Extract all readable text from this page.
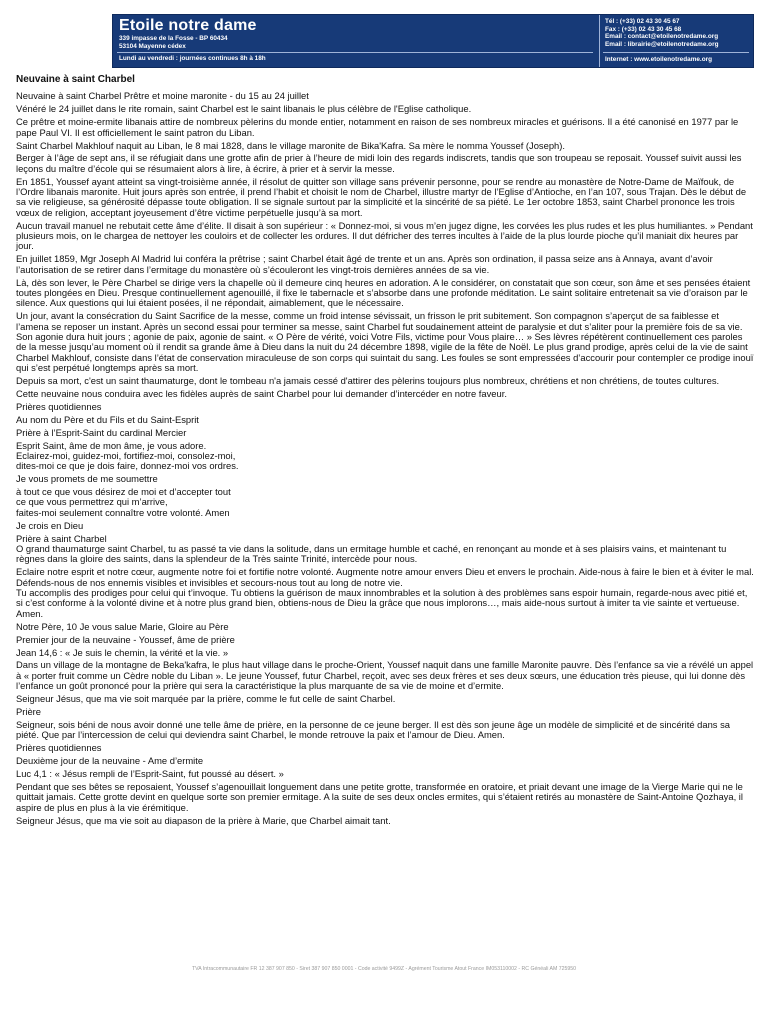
Etoile notre dame
339 impasse de la Fosse - BP 60434
53104 Mayenne cédex
Lundi au vendredi : journées continues 8h à 18h
Tél : (+33) 02 43 30 45 67
Fax : (+33) 02 43 30 45 68
Email : contact@etoilenotredame.org
Email : librairie@etoilenotredame.org
Internet : www.etoilenotredame.org
Neuvaine à saint Charbel

Neuvaine à saint Charbel Prêtre et moine maronite - du 15 au 24 juillet

Vénéré le 24 juillet dans le rite romain, saint Charbel est le saint libanais le plus célèbre de l'Eglise catholique.

Ce prêtre et moine-ermite libanais attire de nombreux pèlerins du monde entier, notamment en raison de ses nombreux miracles et guérisons. Il a été canonisé en 1977 par le pape Paul VI. Il est officiellement le saint patron du Liban.

Saint Charbel Makhlouf naquit au Liban, le 8 mai 1828, dans le village maronite de Bika'Kafra. Sa mère le nomma Youssef (Joseph).

Berger à l’âge de sept ans, il se réfugiait dans une grotte afin de prier à l’heure de midi loin des regards indiscrets, tandis que son troupeau se reposait. Youssef suivit aussi les leçons du maître d’école qui se résumaient alors à lire, à écrire, à prier et à servir la messe.

En 1851, Youssef ayant atteint sa vingt-troisième année, il résolut de quitter son village sans prévenir personne, pour se rendre au monastère de Notre-Dame de Maïfouk, de l’Ordre libanais maronite. Huit jours après son entrée, il prend l’habit et choisit le nom de Charbel, illustre martyr de l’Eglise d’Antioche, en l’an 107, sous Trajan. Dès le début de sa vie religieuse, sa générosité dépasse toute obligation. Il se signale surtout par la simplicité et la sincérité de sa piété. Le 1er octobre 1853, saint Charbel prononce les trois vœux de religion, acceptant joyeusement d’être victime perpétuelle jusqu’à sa mort.

Aucun travail manuel ne rebutait cette âme d’élite. Il disait à son supérieur : « Donnez-moi, si vous m’en jugez digne, les corvées les plus rudes et les plus humiliantes. » Pendant plusieurs mois, on le chargea de nettoyer les couloirs et de collecter les ordures. Il dut défricher des terres incultes à l’aide de la plus lourde pioche qu’il maniait dix heures par jour.

En juillet 1859, Mgr Joseph Al Madrid lui conféra la prêtrise ; saint Charbel était âgé de trente et un ans. Après son ordination, il passa seize ans à Annaya, avant d’avoir l’autorisation de se retirer dans l’ermitage du monastère où s’écouleront les vingt-trois dernières années de sa vie.

Là, dès son lever, le Père Charbel se dirige vers la chapelle où il demeure cinq heures en adoration. A le considérer, on constatait que son cœur, son âme et ses pensées étaient toutes plongées en Dieu. Presque continuellement agenouillé, il fixe le tabernacle et s’absorbe dans une profonde méditation. Le saint solitaire entretenait sa vie d’oraison par le silence. Aux questions qui lui étaient posées, il ne répondait, aimablement, que le nécessaire.

Un jour, avant la consécration du Saint Sacrifice de la messe, comme un froid intense sévissait, un frisson le prit subitement. Son compagnon s’aperçut de sa faiblesse et l’amena se reposer un instant. Après un second essai pour terminer sa messe, saint Charbel fut soudainement atteint de paralysie et dut s’aliter pour la première fois de sa vie. Son agonie dura huit jours ; agonie de paix, agonie de saint. « O Père de vérité, voici Votre Fils, victime pour Vous plaire… » Ses lèvres répétèrent continuellement ces paroles de la messe jusqu’au moment où il rendit sa grande âme à Dieu dans la nuit du 24 décembre 1898, vigile de la fête de Noël. Le plus grand prodige, après celui de la vie de saint Charbel Makhlouf, consiste dans l’état de conservation miraculeuse de son corps qui suintait du sang. Les foules se sont empressées d’accourir pour contempler ce prodige inouï qui s’est perpétué longtemps après sa mort.

Depuis sa mort, c'est un saint thaumaturge, dont le tombeau n'a jamais cessé d'attirer des pèlerins toujours plus nombreux, chrétiens et non chrétiens, de toutes cultures.

Cette neuvaine nous conduira avec les fidèles auprès de saint Charbel pour lui demander d’intercéder en notre faveur.

Prières quotidiennes

Au nom du Père et du Fils et du Saint-Esprit

Prière à l’Esprit-Saint du cardinal Mercier

Esprit Saint, âme de mon âme, je vous adore.
Eclairez-moi, guidez-moi, fortifiez-moi, consolez-moi,
dites-moi ce que je dois faire, donnez-moi vos ordres.

Je vous promets de me soumettre

à tout ce que vous désirez de moi et d’accepter tout
ce que vous permettrez qui m’arrive,
faites-moi seulement connaître votre volonté. Amen

Je crois en Dieu

Prière à saint Charbel
O grand thaumaturge saint Charbel, tu as passé ta vie dans la solitude, dans un ermitage humble et caché, en renonçant au monde et à ses plaisirs vains, et maintenant tu règnes dans la gloire des saints, dans la splendeur de la Très sainte Trinité, intercède pour nous.

Eclaire notre esprit et notre cœur, augmente notre foi et fortifie notre volonté. Augmente notre amour envers Dieu et envers le prochain. Aide-nous à faire le bien et à éviter le mal. Défends-nous de nos ennemis visibles et invisibles et secours-nous tout au long de notre vie.
Tu accomplis des prodiges pour celui qui t’invoque. Tu obtiens la guérison de maux innombrables et la solution à des problèmes sans espoir humain, regarde-nous avec pitié et, si c’est conforme à la volonté divine et à notre plus grand bien, obtiens-nous de Dieu la grâce que nous implorons…, mais aide-nous surtout à imiter ta vie sainte et vertueuse. Amen.

Notre Père, 10 Je vous salue Marie, Gloire au Père

Premier jour de la neuvaine - Youssef, âme de prière

Jean 14,6 : « Je suis le chemin, la vérité et la vie. »

Dans un village de la montagne de Beka'kafra, le plus haut village dans le proche-Orient, Youssef naquit dans une famille Maronite pauvre. Dès l’enfance sa vie a révélé un appel à « porter fruit comme un Cèdre noble du Liban ». Le jeune Youssef, futur Charbel, reçoit, avec ses deux frères et ses deux sœurs, une éducation très pieuse, qui lui donne dès l’enfance un goût prononcé pour la prière qui sera la caractéristique la plus marquante de sa vie de moine et d’ermite.

Seigneur Jésus, que ma vie soit marquée par la prière, comme le fut celle de saint Charbel.

Prière

Seigneur, sois béni de nous avoir donné une telle âme de prière, en la personne de ce jeune berger. Il est dès son jeune âge un modèle de simplicité et de sincérité dans sa piété. Que par l’intercession de celui qui deviendra saint Charbel, le monde retrouve la paix et l’amour de Dieu. Amen.

Prières quotidiennes

Deuxième jour de la neuvaine - Ame d’ermite

Luc 4,1 : « Jésus rempli de l’Esprit-Saint, fut poussé au désert. »

Pendant que ses bêtes se reposaient, Youssef s’agenouillait longuement dans une petite grotte, transformée en oratoire, et priait devant une image de la Vierge Marie qui ne le quittait jamais. Cette grotte devint en quelque sorte son premier ermitage. A la suite de ses deux oncles ermites, qui s’étaient retirés au monastère de Saint-Antoine Qozhaya, il aspire de plus en plus à la vie érémitique.

Seigneur Jésus, que ma vie soit au diapason de la prière à Marie, que Charbel aimait tant.

TVA Intracommunautaire FR 12 387 907 850 - Siret 387 907 850 0001 - Code activité 9499Z - Agrément Tourisme Atout France IM053110002 - RC Généali AM 725950
